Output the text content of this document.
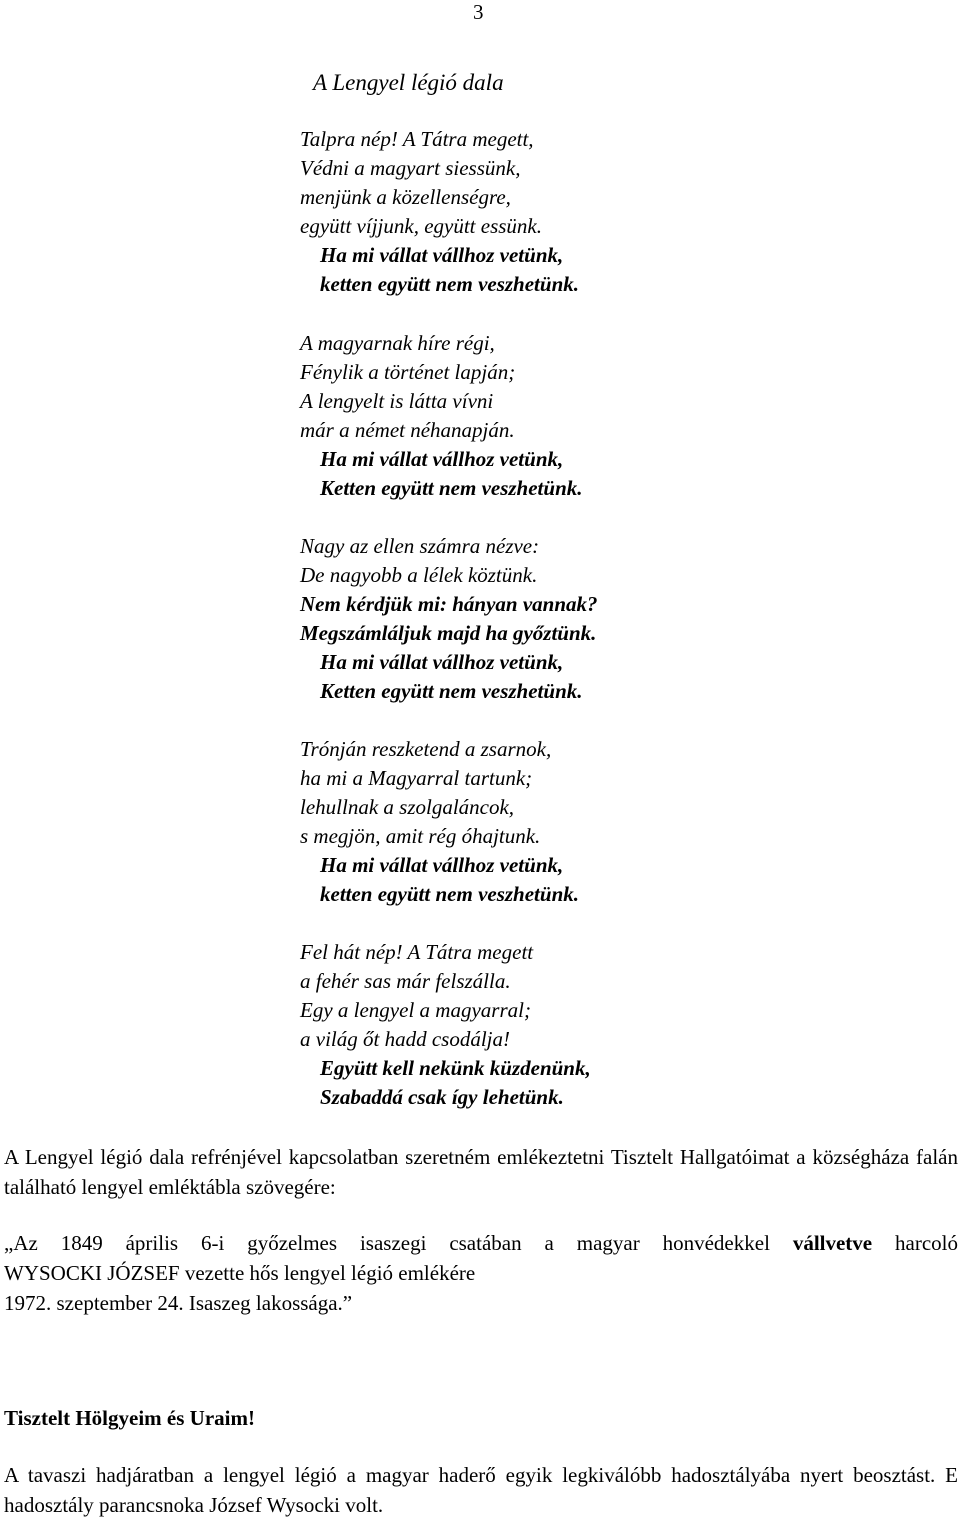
3
A Lengyel légió dala
Talpra nép! A Tátra megett,
Védni a magyart siessünk,
menjünk a közellenségre,
együtt víjjunk, együtt essünk.
Ha mi vállat vállhoz vetünk,
ketten együtt nem veszhetünk.
A magyarnak híre régi,
Fénylik a történet lapján;
A lengyelt is látta vívni
már a német néhanapján.
Ha mi vállat vállhoz vetünk,
Ketten együtt nem veszhetünk.
Nagy az ellen számra nézve:
De nagyobb a lélek köztünk.
Nem kérdjük mi: hányan vannak?
Megszámláljuk majd ha győztünk.
Ha mi vállat vállhoz vetünk,
Ketten együtt nem veszhetünk.
Trónján reszketend a zsarnok,
ha mi a Magyarral tartunk;
lehullnak a szolgaláncok,
s megjön, amit rég óhajtunk.
Ha mi vállat vállhoz vetünk,
ketten együtt nem veszhetünk.
Fel hát nép! A Tátra megett
a fehér sas már felszálla.
Egy a lengyel a magyarral;
a világ őt hadd csodálja!
Együtt kell nekünk küzdenünk,
Szabaddá csak így lehetünk.
A Lengyel légió dala refrénjével kapcsolatban szeretném emlékeztetni Tisztelt Hallgatóimat a községháza falán található lengyel emléktábla szövegére:
„Az 1849 április 6-i győzelmes isaszegi csatában a magyar honvédekkel vállvetve harcoló
WYSOCKI JÓZSEF vezette hős lengyel légió emlékére
1972. szeptember 24. Isaszeg lakossága.”
Tisztelt Hölgyeim és Uraim!
A tavaszi hadjáratban a lengyel légió a magyar haderő egyik legkiválóbb hadosztályába nyert beosztást. E hadosztály parancsnoka József Wysocki volt.
